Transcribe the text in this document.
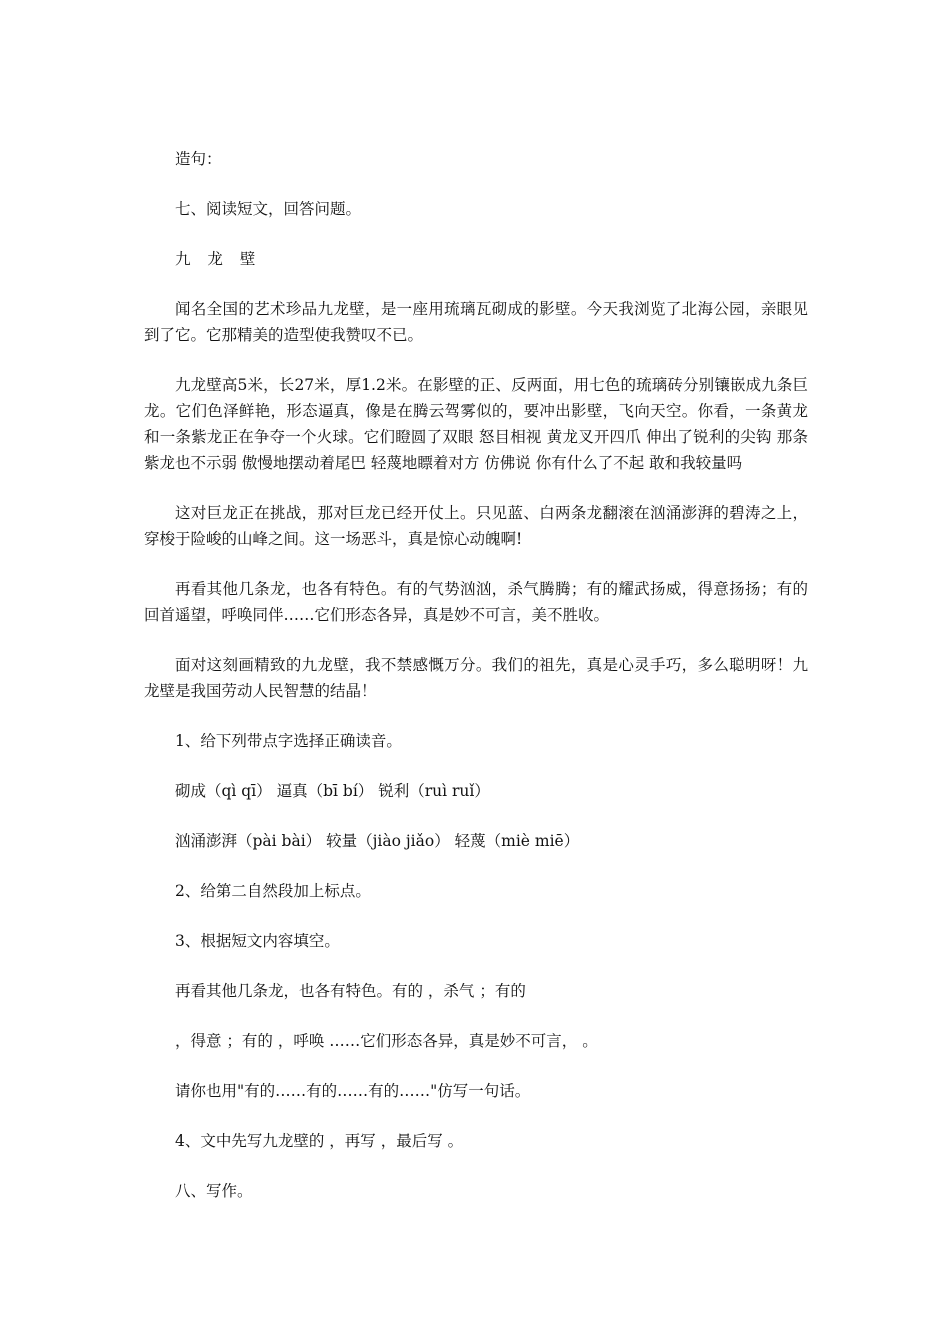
造句：

七、阅读短文，回答问题。

九 龙 壁

闻名全国的艺术珍品九龙壁，是一座用琉璃瓦砌成的影壁。今天我浏览了北海公园，亲眼见到了它。它那精美的造型使我赞叹不已。

九龙壁高5米，长27米，厚1.2米。在影壁的正、反两面，用七色的琉璃砖分别镶嵌成九条巨龙。它们色泽鲜艳，形态逼真，像是在腾云驾雾似的，要冲出影壁，飞向天空。你看，一条黄龙和一条紫龙正在争夺一个火球。它们瞪圆了双眼 怒目相视 黄龙叉开四爪 伸出了锐利的尖钩 那条紫龙也不示弱 傲慢地摆动着尾巴 轻蔑地瞟着对方 仿佛说 你有什么了不起 敢和我较量吗

这对巨龙正在挑战，那对巨龙已经开仗上。只见蓝、白两条龙翻滚在汹涌澎湃的碧涛之上，穿梭于险峻的山峰之间。这一场恶斗，真是惊心动魄啊!

再看其他几条龙，也各有特色。有的气势汹汹，杀气腾腾；有的耀武扬威，得意扬扬；有的回首遥望，呼唤同伴……它们形态各异，真是妙不可言，美不胜收。

面对这刻画精致的九龙壁，我不禁感慨万分。我们的祖先，真是心灵手巧，多么聪明呀！九龙壁是我国劳动人民智慧的结晶！

1、给下列带点字选择正确读音。

砌成（qì qī） 逼真（bī bí） 锐利（ruì ruǐ）

汹涌澎湃（pài bài） 较量（jiào jiǎo） 轻蔑（miè miē）

2、给第二自然段加上标点。

3、根据短文内容填空。

再看其他几条龙，也各有特色。有的 ，杀气 ；有的

，得意 ；有的 ，呼唤 ……它们形态各异，真是妙不可言， 。

请你也用"有的……有的……有的……"仿写一句话。

4、文中先写九龙壁的 ，再写 ，最后写 。

八、写作。
